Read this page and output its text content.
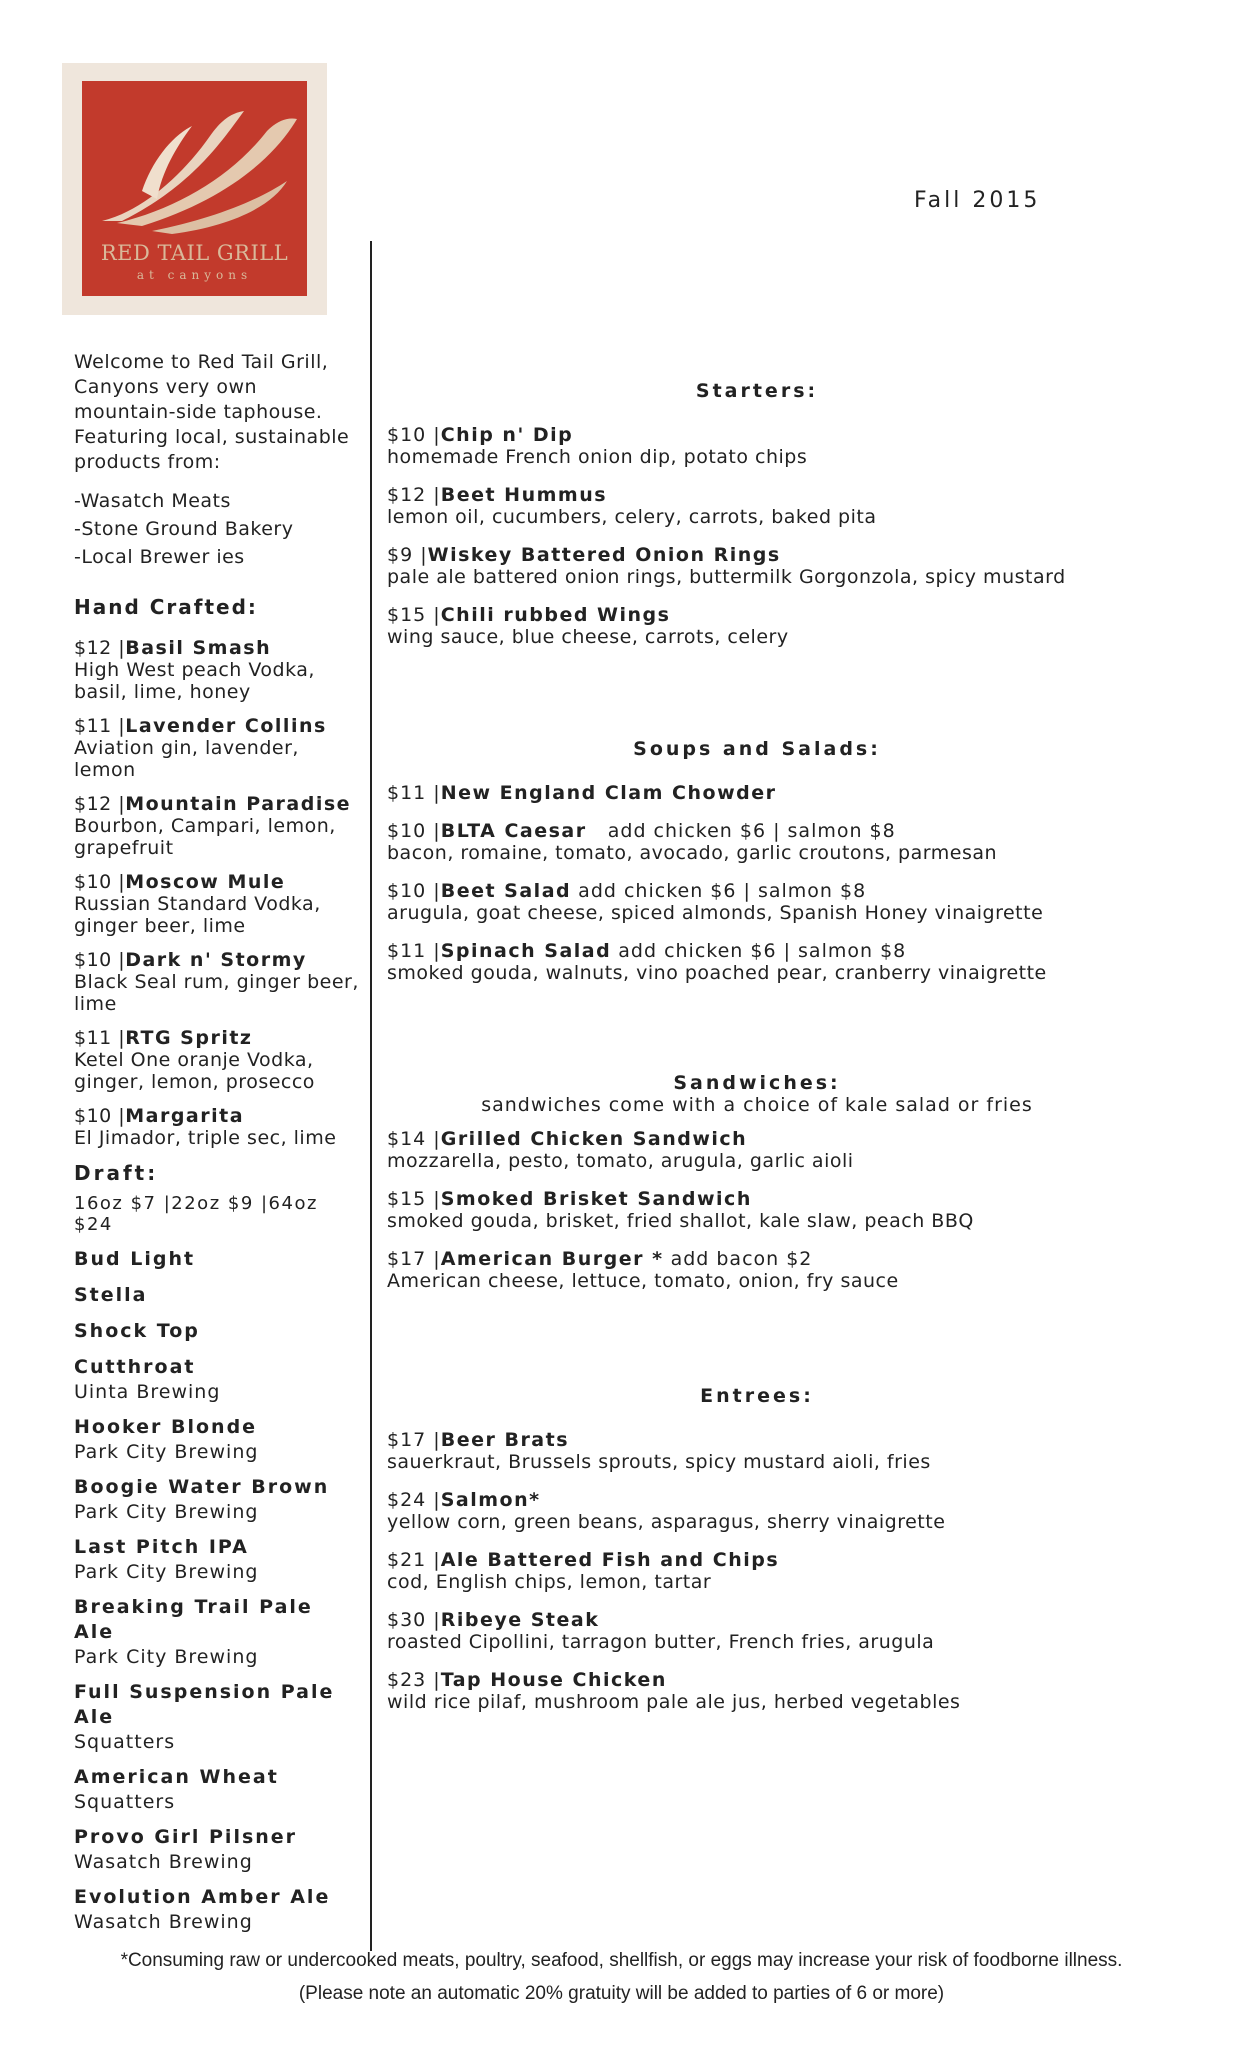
RED TAIL GRILL
at canyons
Fall 2015
Welcome to Red Tail Grill, Canyons very own mountain-side taphouse. Featuring local, sustainable products from:
-Wasatch Meats
-Stone Ground Bakery
-Local Brewer ies
Hand Crafted:
$12 |Basil Smash
High West peach Vodka, basil, lime, honey
$11 |Lavender Collins
Aviation gin, lavender, lemon
$12 |Mountain Paradise
Bourbon, Campari, lemon, grapefruit
$10 |Moscow Mule
Russian Standard Vodka, ginger beer, lime
$10 |Dark n' Stormy
Black Seal rum, ginger beer, lime
$11 |RTG Spritz
Ketel One oranje Vodka, ginger, lemon, prosecco
$10 |Margarita
El Jimador, triple sec, lime
Draft:
16oz $7 |22oz $9 |64oz $24
Bud Light
Stella
Shock Top
Cutthroat
Uinta Brewing
Hooker Blonde
Park City Brewing
Boogie Water Brown
Park City Brewing
Last Pitch IPA
Park City Brewing
Breaking Trail Pale Ale
Park City Brewing
Full Suspension Pale Ale
Squatters
American Wheat
Squatters
Provo Girl Pilsner
Wasatch Brewing
Evolution Amber Ale
Wasatch Brewing
Starters:
$10 |Chip n' Dip
homemade French onion dip, potato chips
$12 |Beet Hummus
lemon oil, cucumbers, celery, carrots, baked pita
$9 |Wiskey Battered Onion Rings
pale ale battered onion rings, buttermilk Gorgonzola, spicy mustard
$15 |Chili rubbed Wings
wing sauce, blue cheese, carrots, celery
Soups and Salads:
$11 |New England Clam Chowder
$10 |BLTA Caesar add chicken $6 | salmon $8
bacon, romaine, tomato, avocado, garlic croutons, parmesan
$10 |Beet Salad add chicken $6 | salmon $8
arugula, goat cheese, spiced almonds, Spanish Honey vinaigrette
$11 |Spinach Salad add chicken $6 | salmon $8
smoked gouda, walnuts, vino poached pear, cranberry vinaigrette
Sandwiches:
sandwiches come with a choice of kale salad or fries
$14 |Grilled Chicken Sandwich
mozzarella, pesto, tomato, arugula, garlic aioli
$15 |Smoked Brisket Sandwich
smoked gouda, brisket, fried shallot, kale slaw, peach BBQ
$17 |American Burger * add bacon $2
American cheese, lettuce, tomato, onion, fry sauce
Entrees:
$17 |Beer Brats
sauerkraut, Brussels sprouts, spicy mustard aioli, fries
$24 |Salmon*
yellow corn, green beans, asparagus, sherry vinaigrette
$21 |Ale Battered Fish and Chips
cod, English chips, lemon, tartar
$30 |Ribeye Steak
roasted Cipollini, tarragon butter, French fries, arugula
$23 |Tap House Chicken
wild rice pilaf, mushroom pale ale jus, herbed vegetables
*Consuming raw or undercooked meats, poultry, seafood, shellfish, or eggs may increase your risk of foodborne illness.
(Please note an automatic 20% gratuity will be added to parties of 6 or more)
